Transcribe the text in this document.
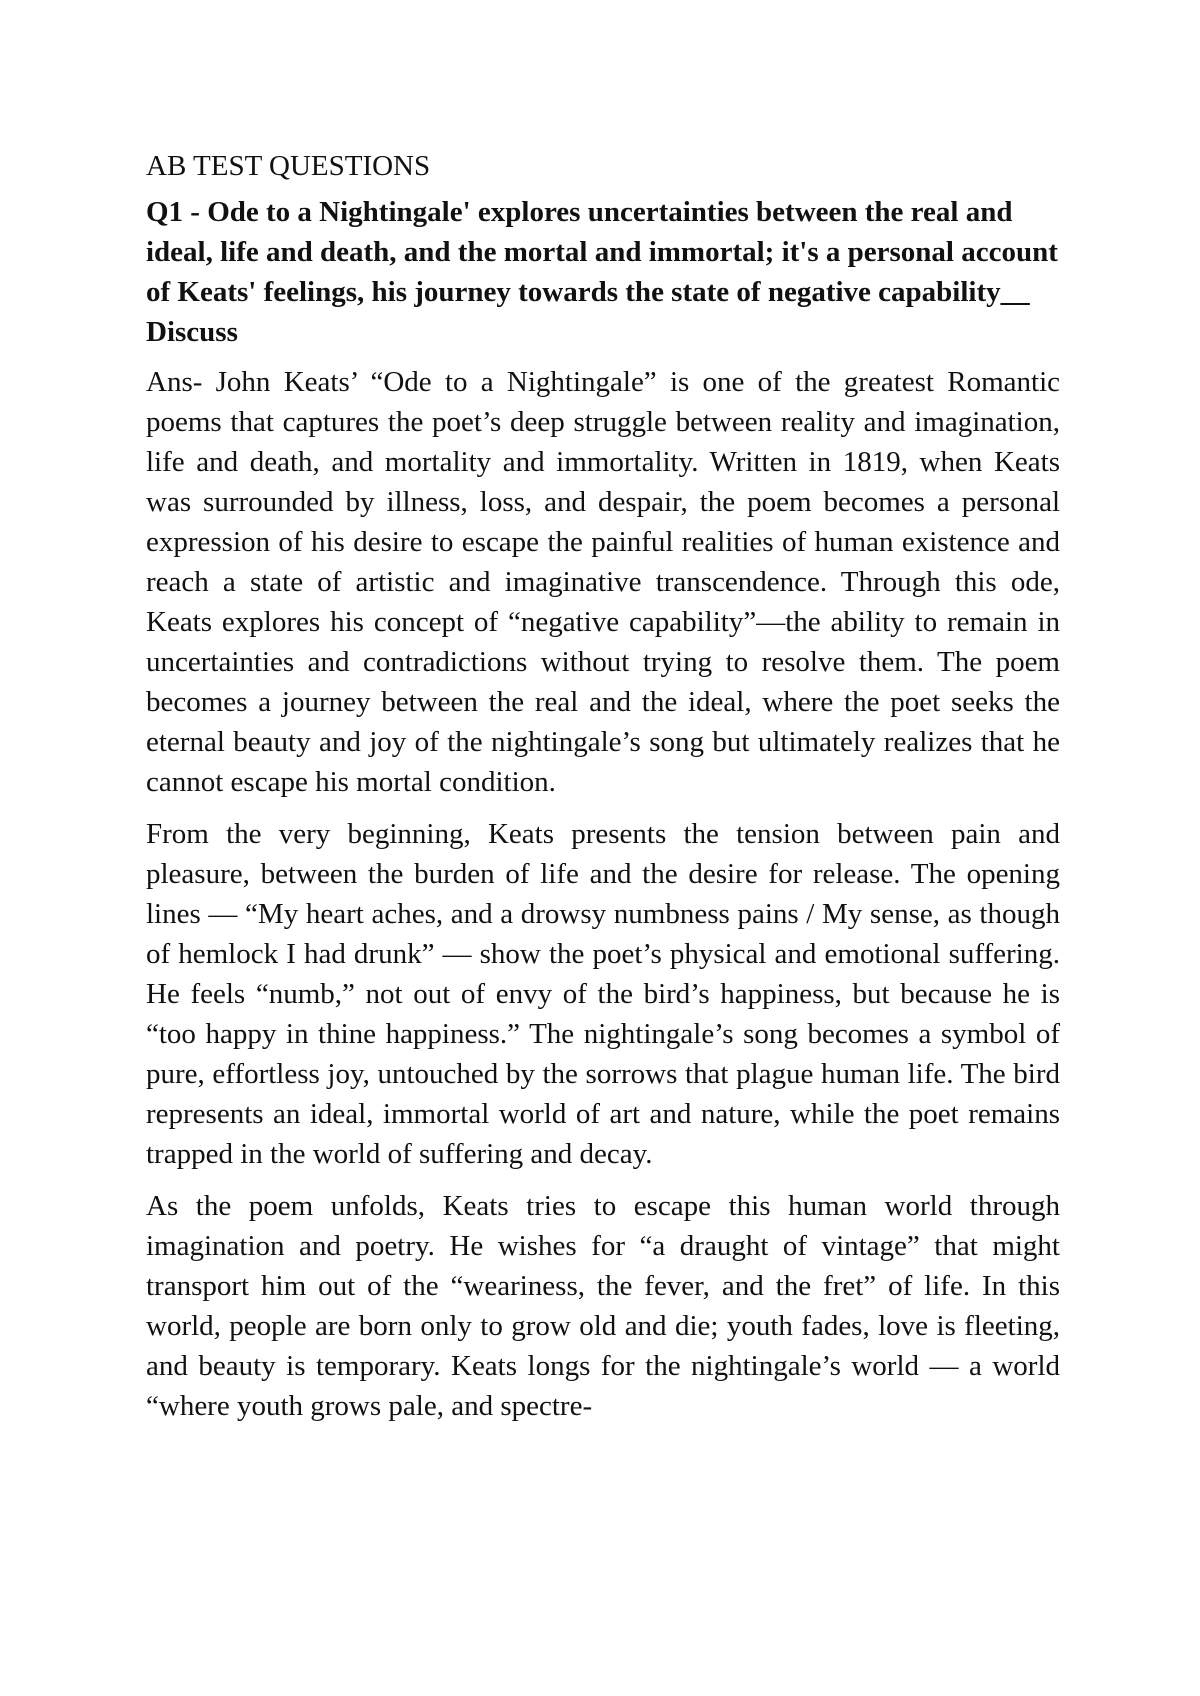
AB TEST QUESTIONS
Q1 - Ode to a Nightingale' explores uncertainties between the real and ideal, life and death, and the mortal and immortal; it's a personal account of Keats' feelings, his journey towards the state of negative capability__ Discuss

Ans- John Keats’ “Ode to a Nightingale” is one of the greatest Romantic poems that captures the poet’s deep struggle between reality and imagination, life and death, and mortality and immortality. Written in 1819, when Keats was surrounded by illness, loss, and despair, the poem becomes a personal expression of his desire to escape the painful realities of human existence and reach a state of artistic and imaginative transcendence. Through this ode, Keats explores his concept of “negative capability”—the ability to remain in uncertainties and contradictions without trying to resolve them. The poem becomes a journey between the real and the ideal, where the poet seeks the eternal beauty and joy of the nightingale’s song but ultimately realizes that he cannot escape his mortal condition.

From the very beginning, Keats presents the tension between pain and pleasure, between the burden of life and the desire for release. The opening lines — “My heart aches, and a drowsy numbness pains / My sense, as though of hemlock I had drunk” — show the poet’s physical and emotional suffering. He feels “numb,” not out of envy of the bird’s happiness, but because he is “too happy in thine happiness.” The nightingale’s song becomes a symbol of pure, effortless joy, untouched by the sorrows that plague human life. The bird represents an ideal, immortal world of art and nature, while the poet remains trapped in the world of suffering and decay.

As the poem unfolds, Keats tries to escape this human world through imagination and poetry. He wishes for “a draught of vintage” that might transport him out of the “weariness, the fever, and the fret” of life. In this world, people are born only to grow old and die; youth fades, love is fleeting, and beauty is temporary. Keats longs for the nightingale’s world — a world “where youth grows pale, and spectre-
